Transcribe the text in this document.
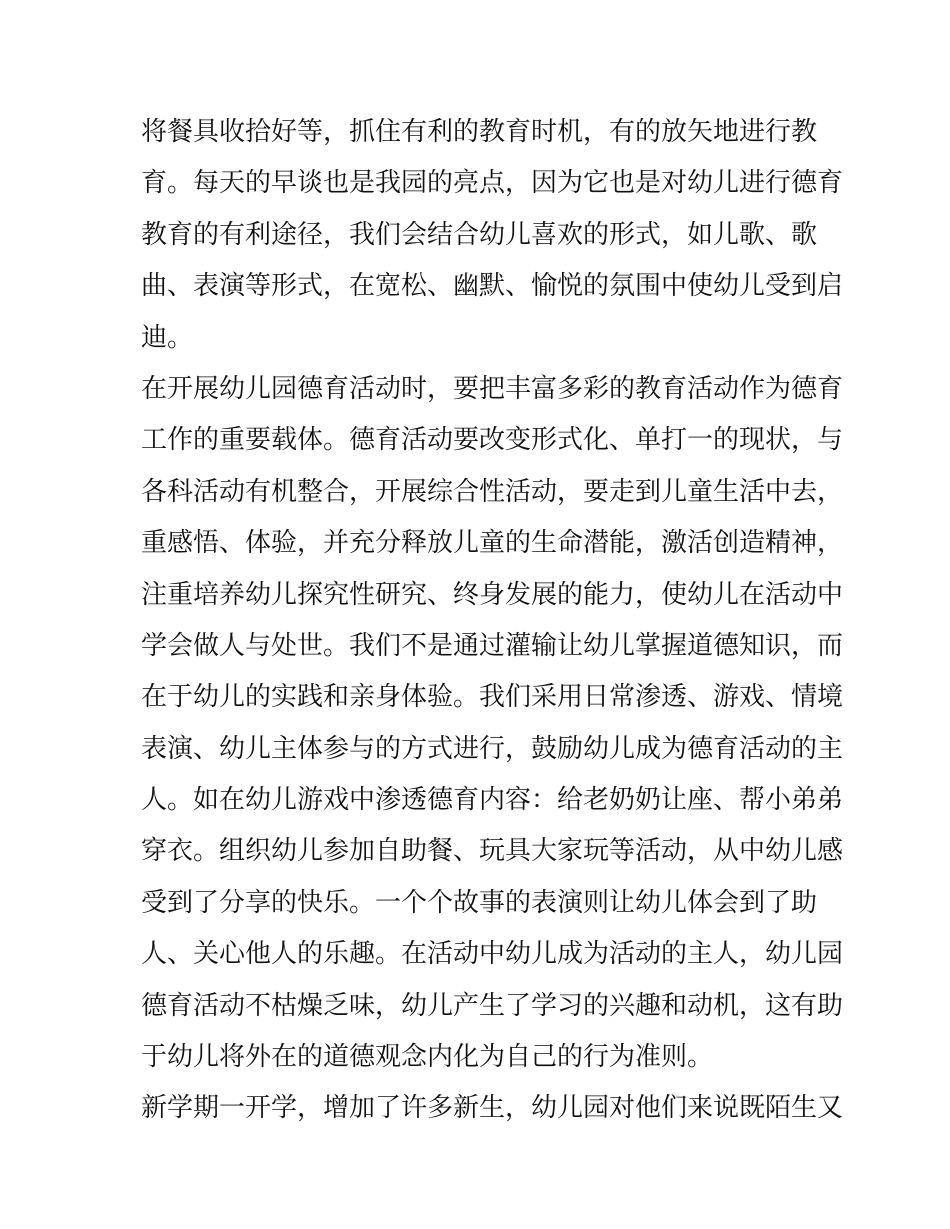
将餐具收拾好等，抓住有利的教育时机，有的放矢地进行教
育。每天的早谈也是我园的亮点，因为它也是对幼儿进行德育
教育的有利途径，我们会结合幼儿喜欢的形式，如儿歌、歌
曲、表演等形式，在宽松、幽默、愉悦的氛围中使幼儿受到启
迪。
在开展幼儿园德育活动时，要把丰富多彩的教育活动作为德育
工作的重要载体。德育活动要改变形式化、单打一的现状，与
各科活动有机整合，开展综合性活动，要走到儿童生活中去，
重感悟、体验，并充分释放儿童的生命潜能，激活创造精神，
注重培养幼儿探究性研究、终身发展的能力，使幼儿在活动中
学会做人与处世。我们不是通过灌输让幼儿掌握道德知识，而
在于幼儿的实践和亲身体验。我们采用日常渗透、游戏、情境
表演、幼儿主体参与的方式进行，鼓励幼儿成为德育活动的主
人。如在幼儿游戏中渗透德育内容：给老奶奶让座、帮小弟弟
穿衣。组织幼儿参加自助餐、玩具大家玩等活动，从中幼儿感
受到了分享的快乐。一个个故事的表演则让幼儿体会到了助
人、关心他人的乐趣。在活动中幼儿成为活动的主人，幼儿园
德育活动不枯燥乏味，幼儿产生了学习的兴趣和动机，这有助
于幼儿将外在的道德观念内化为自己的行为准则。
新学期一开学，增加了许多新生，幼儿园对他们来说既陌生又
